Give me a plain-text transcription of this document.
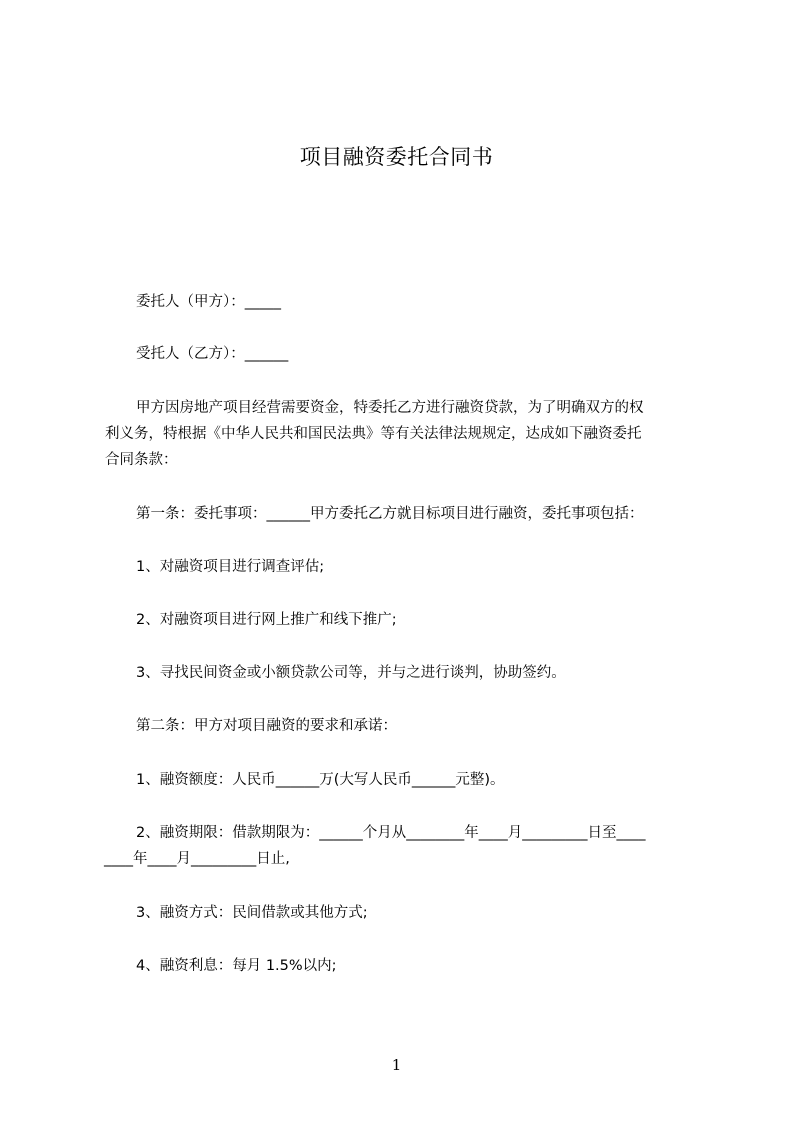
项目融资委托合同书
委托人（甲方）：_____
受托人（乙方）：______
甲方因房地产项目经营需要资金，特委托乙方进行融资贷款，为了明确双方的权
利义务，特根据《中华人民共和国民法典》等有关法律法规规定，达成如下融资委托
合同条款：
第一条：委托事项：______甲方委托乙方就目标项目进行融资，委托事项包括：
1、对融资项目进行调查评估;
2、对融资项目进行网上推广和线下推广;
3、寻找民间资金或小额贷款公司等，并与之进行谈判，协助签约。
第二条：甲方对项目融资的要求和承诺：
1、融资额度：人民币______万(大写人民币______元整)。
2、融资期限：借款期限为：______个月从________年____月_________日至____
____年____月_________日止,
3、融资方式：民间借款或其他方式;
4、融资利息：每月 1.5%以内;
1
